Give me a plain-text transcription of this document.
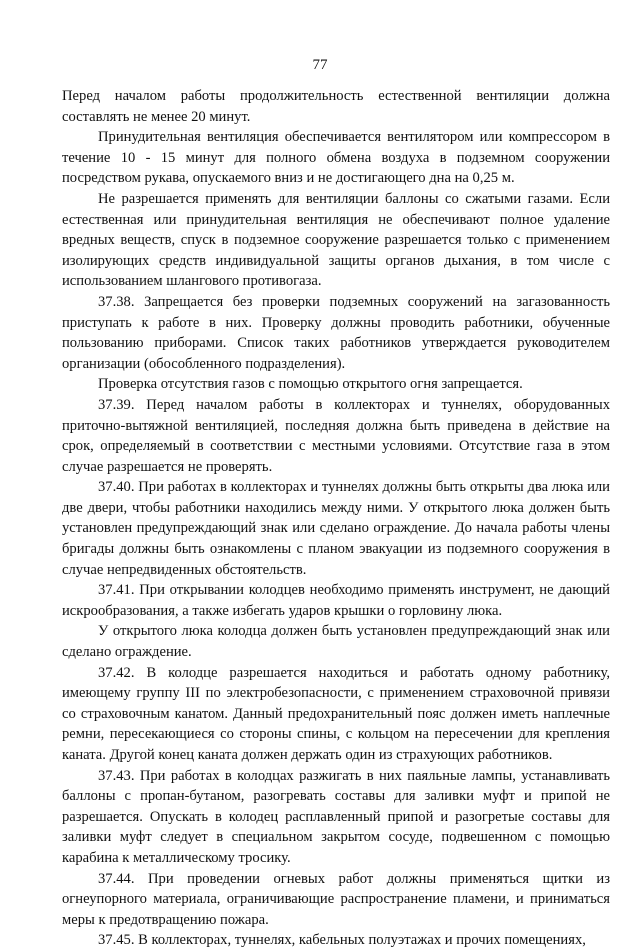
77

Перед началом работы продолжительность естественной вентиляции должна составлять не менее 20 минут.

Принудительная вентиляция обеспечивается вентилятором или компрессором в течение 10 - 15 минут для полного обмена воздуха в подземном сооружении посредством рукава, опускаемого вниз и не достигающего дна на 0,25 м.

Не разрешается применять для вентиляции баллоны со сжатыми газами. Если естественная или принудительная вентиляция не обеспечивают полное удаление вредных веществ, спуск в подземное сооружение разрешается только с применением изолирующих средств индивидуальной защиты органов дыхания, в том числе с использованием шлангового противогаза.

37.38. Запрещается без проверки подземных сооружений на загазованность приступать к работе в них. Проверку должны проводить работники, обученные пользованию приборами. Список таких работников утверждается руководителем организации (обособленного подразделения).

Проверка отсутствия газов с помощью открытого огня запрещается.

37.39. Перед началом работы в коллекторах и туннелях, оборудованных приточно-вытяжной вентиляцией, последняя должна быть приведена в действие на срок, определяемый в соответствии с местными условиями. Отсутствие газа в этом случае разрешается не проверять.

37.40. При работах в коллекторах и туннелях должны быть открыты два люка или две двери, чтобы работники находились между ними. У открытого люка должен быть установлен предупреждающий знак или сделано ограждение. До начала работы члены бригады должны быть ознакомлены с планом эвакуации из подземного сооружения в случае непредвиденных обстоятельств.

37.41. При открывании колодцев необходимо применять инструмент, не дающий искрообразования, а также избегать ударов крышки о горловину люка.

У открытого люка колодца должен быть установлен предупреждающий знак или сделано ограждение.

37.42. В колодце разрешается находиться и работать одному работнику, имеющему группу III по электробезопасности, с применением страховочной привязи со страховочным канатом. Данный предохранительный пояс должен иметь наплечные ремни, пересекающиеся со стороны спины, с кольцом на пересечении для крепления каната. Другой конец каната должен держать один из страхующих работников.

37.43. При работах в колодцах разжигать в них паяльные лампы, устанавливать баллоны с пропан-бутаном, разогревать составы для заливки муфт и припой не разрешается. Опускать в колодец расплавленный припой и разогретые составы для заливки муфт следует в специальном закрытом сосуде, подвешенном с помощью карабина к металлическому тросику.

37.44. При проведении огневых работ должны применяться щитки из огнеупорного материала, ограничивающие распространение пламени, и приниматься меры к предотвращению пожара.

37.45. В коллекторах, туннелях, кабельных полуэтажах и прочих помещениях,
